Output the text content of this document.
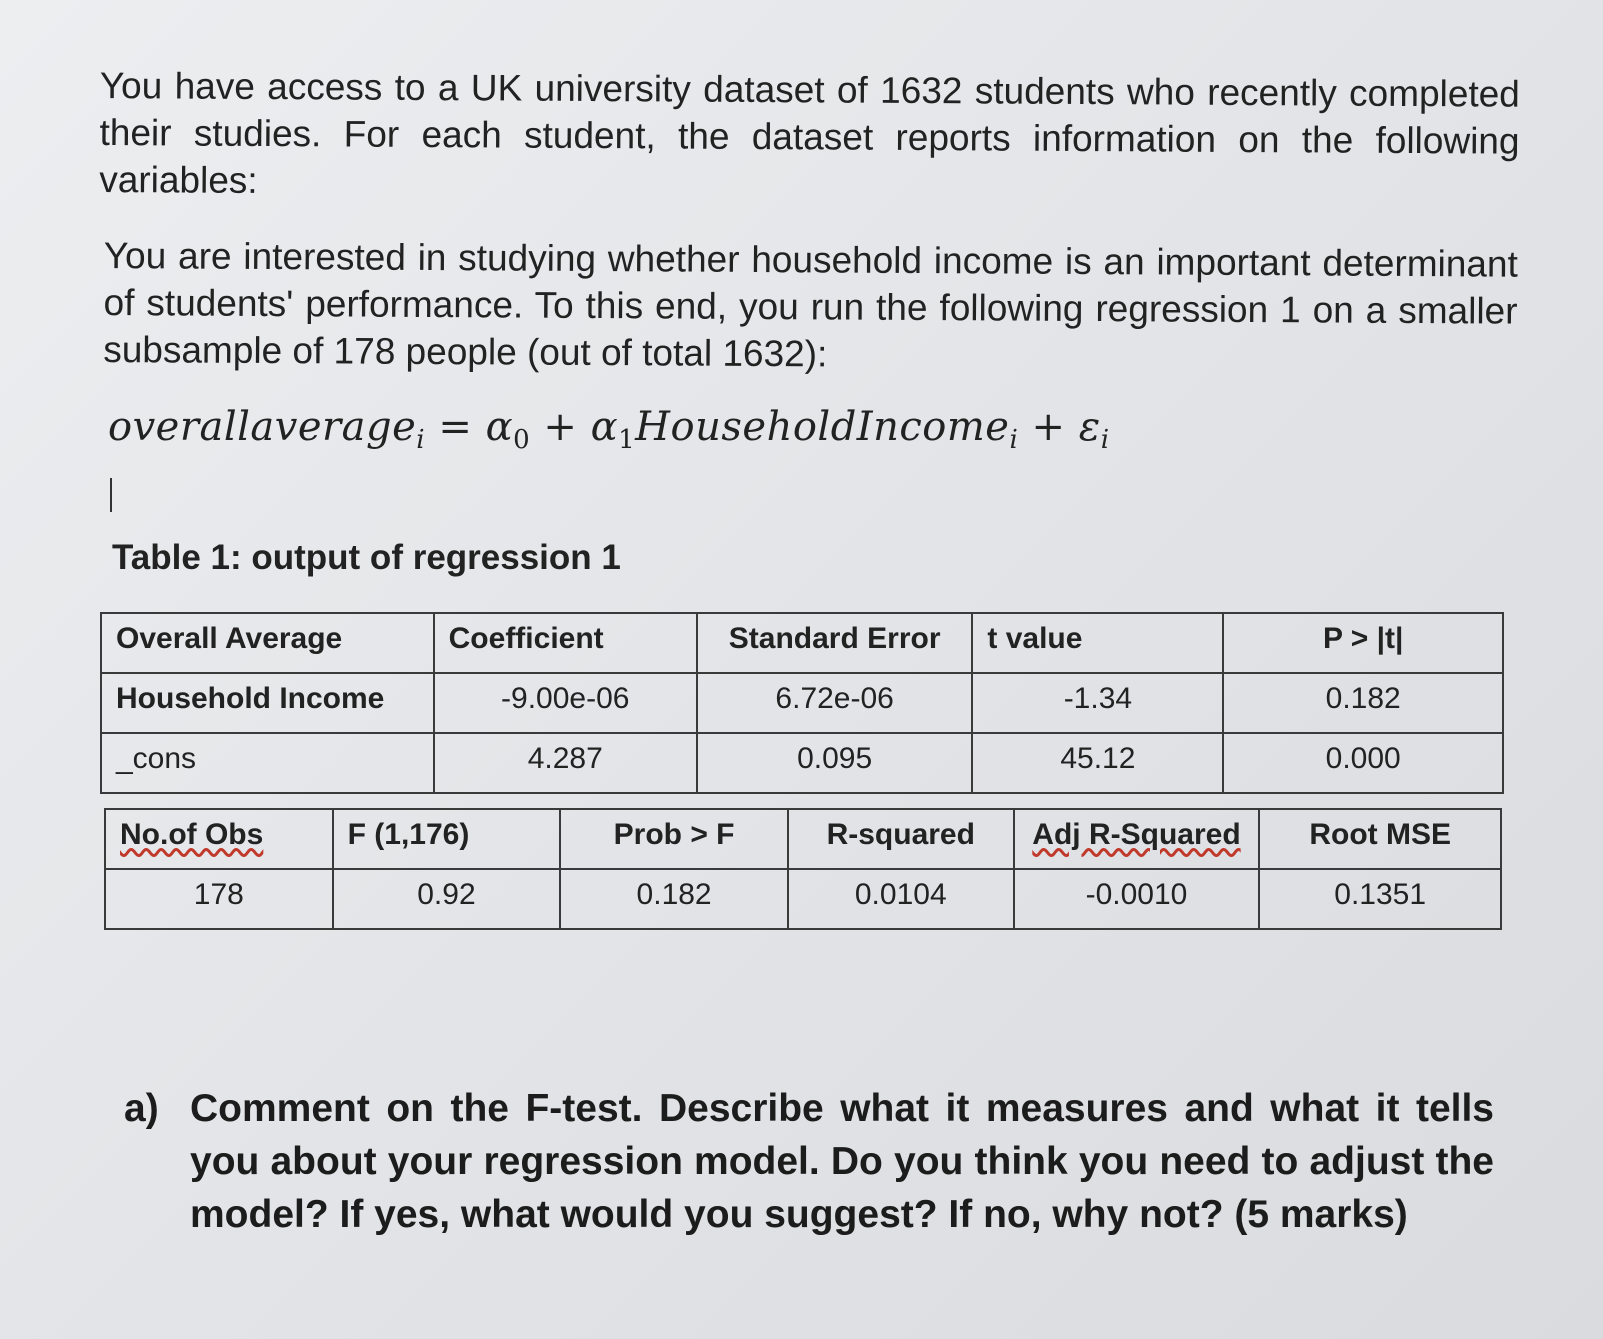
You have access to a UK university dataset of 1632 students who recently completed their studies. For each student, the dataset reports information on the following variables:

You are interested in studying whether household income is an important determinant of students' performance. To this end, you run the following regression 1 on a smaller subsample of 178 people (out of total 1632):

overallaverage$_i$ = $\alpha_0$ + $\alpha_1HouseholdIncome_i + \varepsilon_i$
Table 1: output of regression 1
Overall Average	Coefficient	Standard Error	t value	P > |t|
Household Income	-9.00e-06	6.72e-06	-1.34	0.182
_cons	4.287	0.095	45.12	0.000
No.of Obs	F (1,176)	Prob > F	R-squared	Adj R-Squared	Root MSE
178	0.92	0.182	0.0104	-0.0010	0.1351
a) Comment on the F-test. Describe what it measures and what it tells you about your regression model. Do you think you need to adjust the model? If yes, what would you suggest? If no, why not? (5 marks)
